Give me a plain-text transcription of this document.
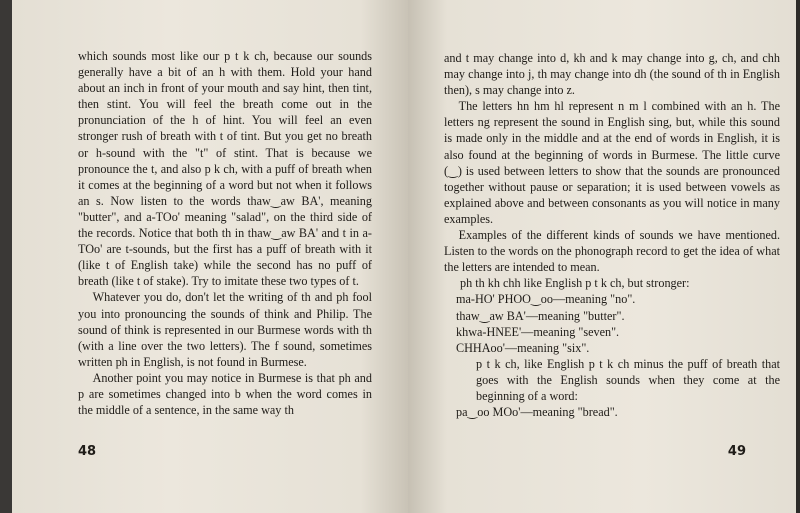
which sounds most like our p t k ch, because our sounds generally have a bit of an h with them. Hold your hand about an inch in front of your mouth and say hint, then tint, then stint. You will feel the breath come out in the pronunciation of the h of hint. You will feel an even stronger rush of breath with t of tint. But you get no breath or h-sound with the "t" of stint. That is because we pronounce the t, and also p k ch, with a puff of breath when it comes at the beginning of a word but not when it follows an s. Now listen to the words thaw‿aw BA', meaning "butter", and a-TOo' meaning "salad", on the third side of the records. Notice that both th in thaw‿aw BA' and t in a-TOo' are t-sounds, but the first has a puff of breath with it (like t of English take) while the second has no puff of breath (like t of stake). Try to imitate these two types of t.

Whatever you do, don't let the writing of th and ph fool you into pronouncing the sounds of think and Philip. The sound of think is represented in our Burmese words with th (with a line over the two letters). The f sound, sometimes written ph in English, is not found in Burmese.

Another point you may notice in Burmese is that ph and p are sometimes changed into b when the word comes in the middle of a sentence, in the same way th

48

and t may change into d, kh and k may change into g, ch, and chh may change into j, th may change into dh (the sound of th in English then), s may change into z.

The letters hn hm hl represent n m l combined with an h. The letters ng represent the sound in English sing, but, while this sound is made only in the middle and at the end of words in English, it is also found at the beginning of words in Burmese. The little curve (‿) is used between letters to show that the sounds are pronounced together without pause or separation; it is used between vowels as explained above and between consonants as you will notice in many examples.

Examples of the different kinds of sounds we have mentioned. Listen to the words on the phonograph record to get the idea of what the letters are intended to mean.

ph th kh chh like English p t k ch, but stronger:

ma-HO' PHOO‿oo—meaning "no".

thaw‿aw BA'—meaning "butter".

khwa-HNEE'—meaning "seven".

CHHAoo'—meaning "six".

p t k ch, like English p t k ch minus the puff of breath that goes with the English sounds when they come at the beginning of a word:

pa‿oo MOo'—meaning "bread".

49
